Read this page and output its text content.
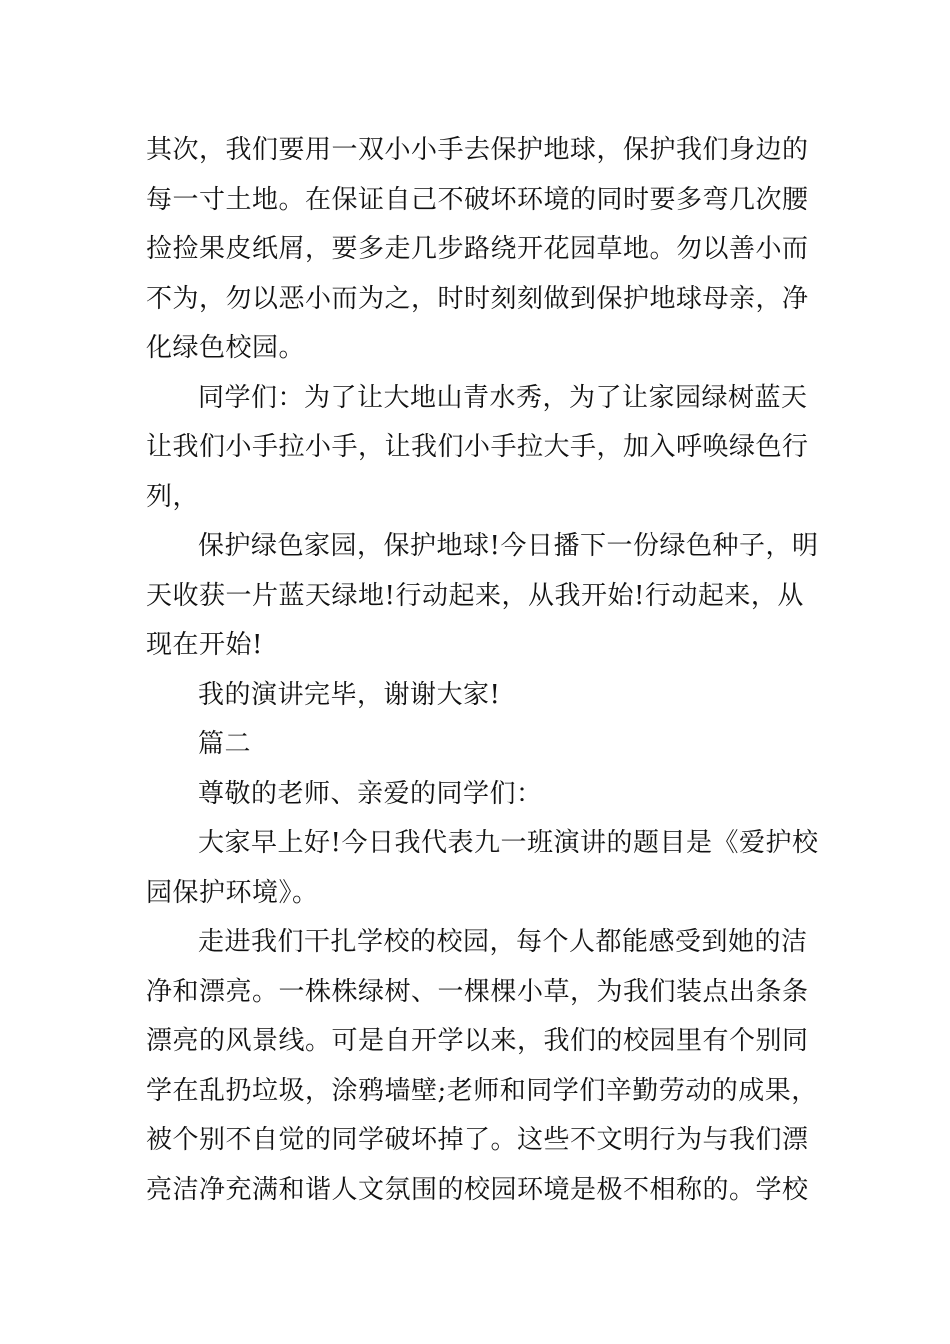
其次，我们要用一双小小手去保护地球，保护我们身边的
每一寸土地。在保证自己不破坏环境的同时要多弯几次腰
捡捡果皮纸屑，要多走几步路绕开花园草地。勿以善小而
不为，勿以恶小而为之，时时刻刻做到保护地球母亲，净
化绿色校园。

同学们：为了让大地山青水秀，为了让家园绿树蓝天
让我们小手拉小手，让我们小手拉大手，加入呼唤绿色行
列，

保护绿色家园，保护地球!今日播下一份绿色种子，明
天收获一片蓝天绿地!行动起来，从我开始!行动起来，从
现在开始!

我的演讲完毕，谢谢大家!

篇二

尊敬的老师、亲爱的同学们：

大家早上好!今日我代表九一班演讲的题目是《爱护校
园保护环境》。

走进我们干扎学校的校园，每个人都能感受到她的洁
净和漂亮。一株株绿树、一棵棵小草，为我们装点出条条
漂亮的风景线。可是自开学以来，我们的校园里有个别同
学在乱扔垃圾，涂鸦墙壁;老师和同学们辛勤劳动的成果，
被个别不自觉的同学破坏掉了。这些不文明行为与我们漂
亮洁净充满和谐人文氛围的校园环境是极不相称的。学校
